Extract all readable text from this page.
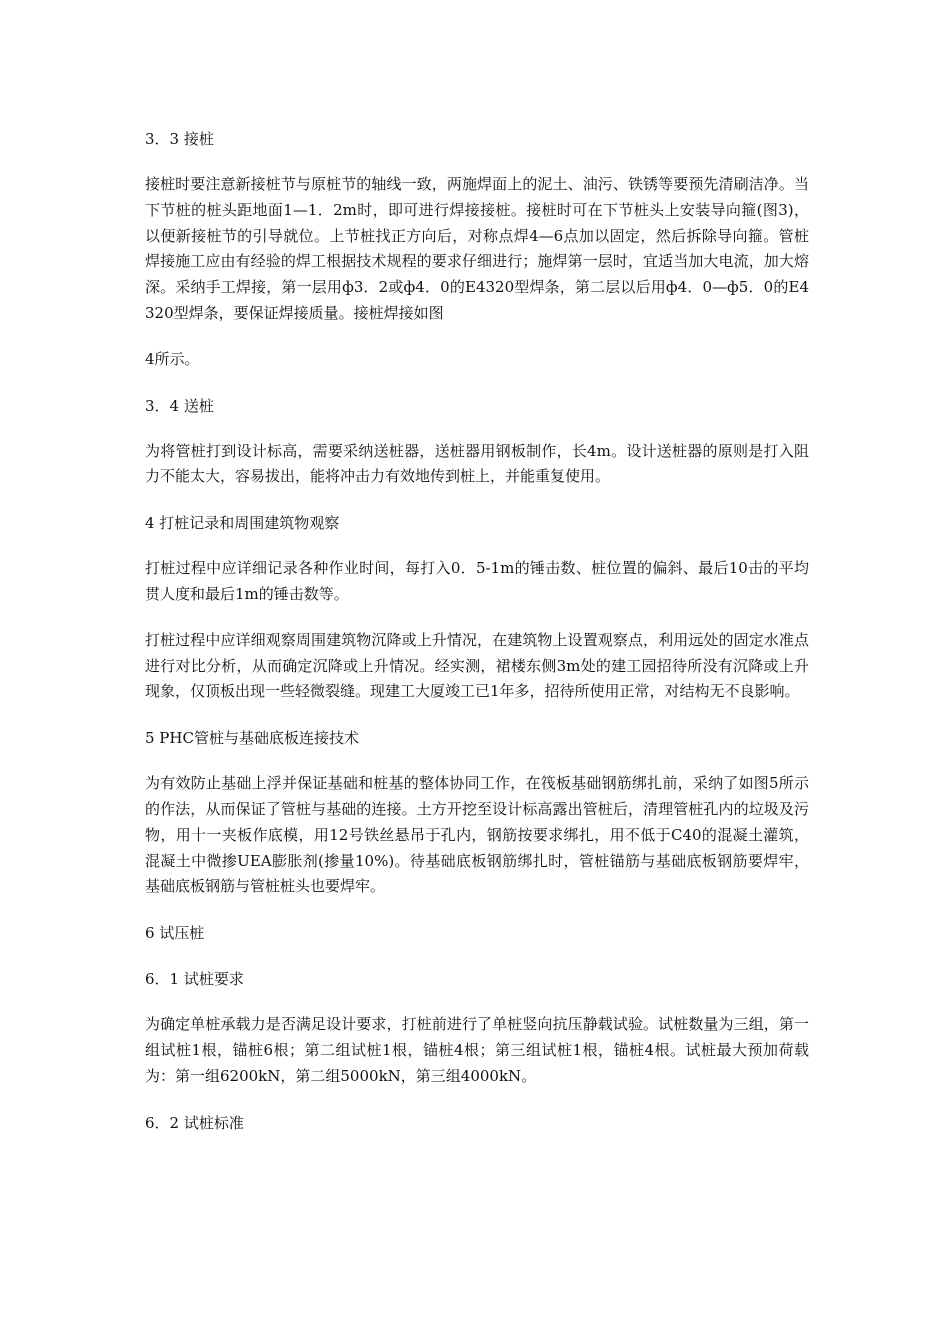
3．3 接桩
接桩时要注意新接桩节与原桩节的轴线一致，两施焊面上的泥土、油污、铁锈等要预先清刷洁净。当下节桩的桩头距地面1—1．2m时，即可进行焊接接桩。接桩时可在下节桩头上安装导向箍(图3)，以便新接桩节的引导就位。上节桩找正方向后，对称点焊4—6点加以固定，然后拆除导向箍。管桩焊接施工应由有经验的焊工根据技术规程的要求仔细进行；施焊第一层时，宜适当加大电流，加大熔深。采纳手工焊接，第一层用ф3．2或ф4．0的E4320型焊条，第二层以后用ф4．0—ф5．0的E4320型焊条，要保证焊接质量。接桩焊接如图
4所示。
3．4 送桩
为将管桩打到设计标高，需要采纳送桩器，送桩器用钢板制作，长4m。设计送桩器的原则是打入阻力不能太大，容易拔出，能将冲击力有效地传到桩上，并能重复使用。
4 打桩记录和周围建筑物观察
打桩过程中应详细记录各种作业时间，每打入0．5-1m的锤击数、桩位置的偏斜、最后10击的平均贯人度和最后1m的锤击数等。
打桩过程中应详细观察周围建筑物沉降或上升情况，在建筑物上设置观察点，利用远处的固定水准点进行对比分析，从而确定沉降或上升情况。经实测，裙楼东侧3m处的建工园招待所没有沉降或上升现象，仅顶板出现一些轻微裂缝。现建工大厦竣工已1年多，招待所使用正常，对结构无不良影响。
5 PHC管桩与基础底板连接技术
为有效防止基础上浮并保证基础和桩基的整体协同工作，在筏板基础钢筋绑扎前，采纳了如图5所示的作法，从而保证了管桩与基础的连接。土方开挖至设计标高露出管桩后，清理管桩孔内的垃圾及污物，用十一夹板作底模，用12号铁丝悬吊于孔内，钢筋按要求绑扎，用不低于C40的混凝土灌筑，混凝土中微掺UEA膨胀剂(掺量10%)。待基础底板钢筋绑扎时，管桩锚筋与基础底板钢筋要焊牢，基础底板钢筋与管桩桩头也要焊牢。
6 试压桩
6．1 试桩要求
为确定单桩承载力是否满足设计要求，打桩前进行了单桩竖向抗压静载试验。试桩数量为三组，第一组试桩1根，锚桩6根；第二组试桩1根，锚桩4根；第三组试桩1根，锚桩4根。试桩最大预加荷载为：第一组6200kN，第二组5000kN，第三组4000kN。
6．2 试桩标准
